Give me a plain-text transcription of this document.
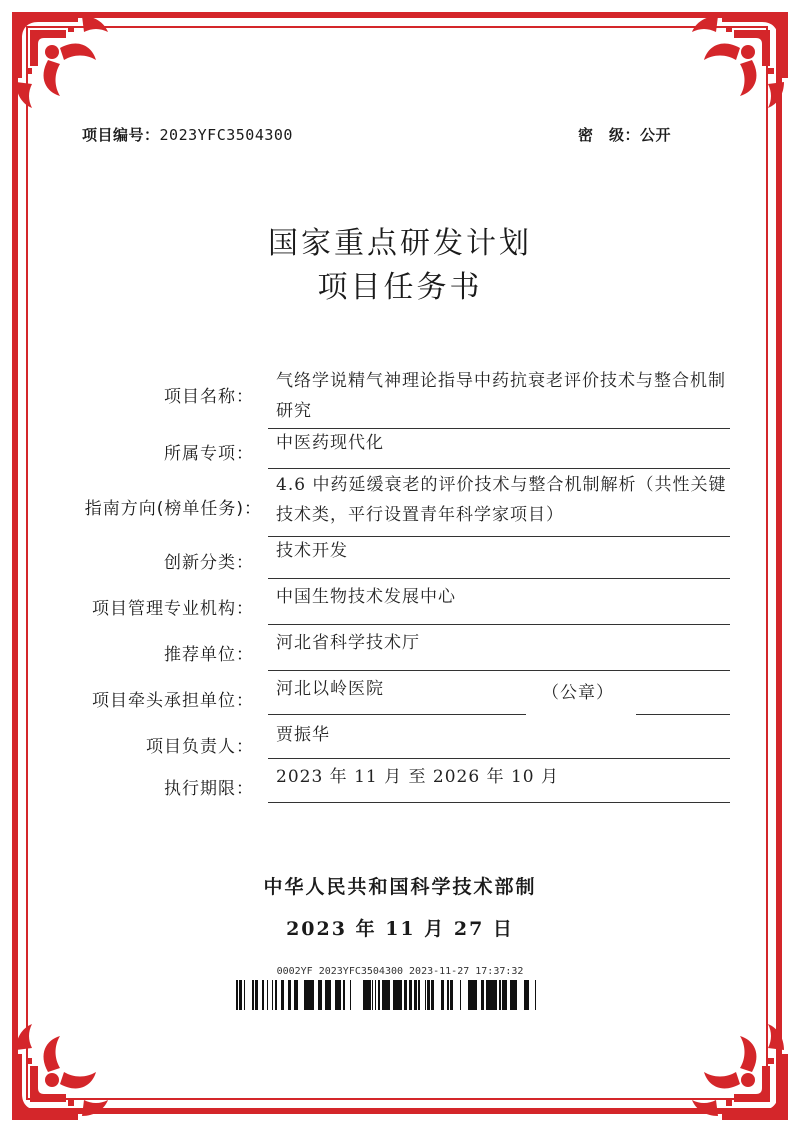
项目编号：2023YFC3504300	密　级：公开
国家重点研发计划
项目任务书
项目名称：
气络学说精气神理论指导中药抗衰老评价技术与整合机制研究
所属专项：
中医药现代化
指南方向(榜单任务)：
4.6 中药延缓衰老的评价技术与整合机制解析（共性关键技术类，平行设置青年科学家项目）
创新分类：
技术开发
项目管理专业机构：
中国生物技术发展中心
推荐单位：
河北省科学技术厅
项目牵头承担单位：
河北以岭医院	（公章）
项目负责人：
贾振华
执行期限：
2023 年 11 月 至 2026 年 10 月
中华人民共和国科学技术部制
2023 年 11 月 27 日
0002YF 2023YFC3504300 2023-11-27 17:37:32
